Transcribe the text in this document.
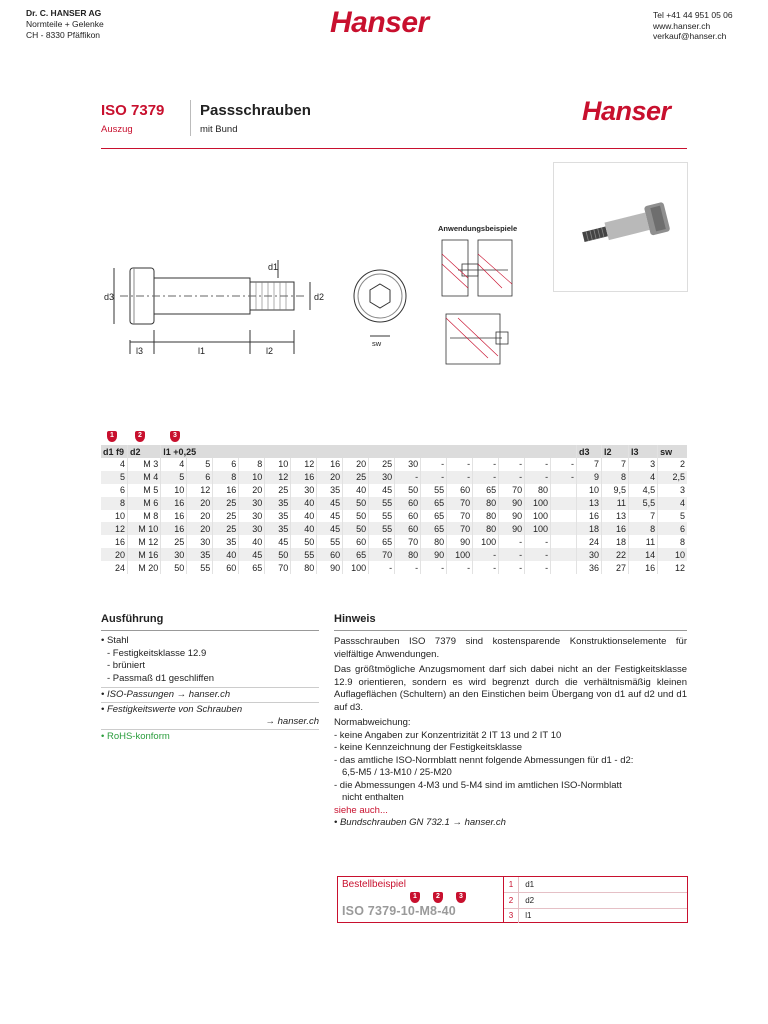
Dr. C. HANSER AG
Normteile + Gelenke
CH - 8330 Pfäffikon	Hanser	Tel +41 44 951 05 06
www.hanser.ch
verkauf@hanser.ch
ISO 7379
Auszug
Passschrauben
mit Bund
Hanser
d3
l3	l1	l2
d2
d1
sw
Anwendungsbeispiele
1	2	3
d1 f9	d2	l1 +0,25																d3	l2	l3	sw
4	M 3	4	5	6	8	10	12	16	20	25	30	-	-	-	-	-	-	7	7	3	2
5	M 4	5	6	8	10	12	16	20	25	30	-	-	-	-	-	-	-	9	8	4	2,5
6	M 5	10	12	16	20	25	30	35	40	45	50	55	60	65	70	80		10	9,5	4,5	3
8	M 6	16	20	25	30	35	40	45	50	55	60	65	70	80	90	100		13	11	5,5	4
10	M 8	16	20	25	30	35	40	45	50	55	60	65	70	80	90	100		16	13	7	5
12	M 10	16	20	25	30	35	40	45	50	55	60	65	70	80	90	100		18	16	8	6
16	M 12	25	30	35	40	45	50	55	60	65	70	80	90	100	-	-		24	18	11	8
20	M 16	30	35	40	45	50	55	60	65	70	80	90	100	-	-	-		30	22	14	10
24	M 20	50	55	60	65	70	80	90	100	-	-	-	-	-	-	-		36	27	16	12
Ausführung
• Stahl
- Festigkeitsklasse 12.9
- brüniert
- Passmaß d1 geschliffen
• ISO-Passungen → hanser.ch
• Festigkeitswerte von Schrauben
→ hanser.ch
• RoHS-konform
Hinweis
Passschrauben ISO 7379 sind kostensparende Konstruktionselemente für vielfältige Anwendungen.
Das größtmögliche Anzugsmoment darf sich dabei nicht an der Festigkeitsklasse 12.9 orientieren, sondern es wird begrenzt durch die verhältnismäßig kleinen Auflageflächen (Schultern) an den Einstichen beim Übergang von d1 auf d2 und d1 auf d3.
Normabweichung:
- keine Angaben zur Konzentrizität 2 IT 13 und 2 IT 10
- keine Kennzeichnung der Festigkeitsklasse
- das amtliche ISO-Normblatt nennt folgende Abmessungen für d1 - d2:
6,5-M5 / 13-M10 / 25-M20
- die Abmessungen 4-M3 und 5-M4 sind im amtlichen ISO-Normblatt
nicht enthalten
siehe auch...
• Bundschrauben GN 732.1 → hanser.ch
Bestellbeispiel
1	2	3
ISO 7379-10-M8-40
1 d1
2 d2
3 l1
